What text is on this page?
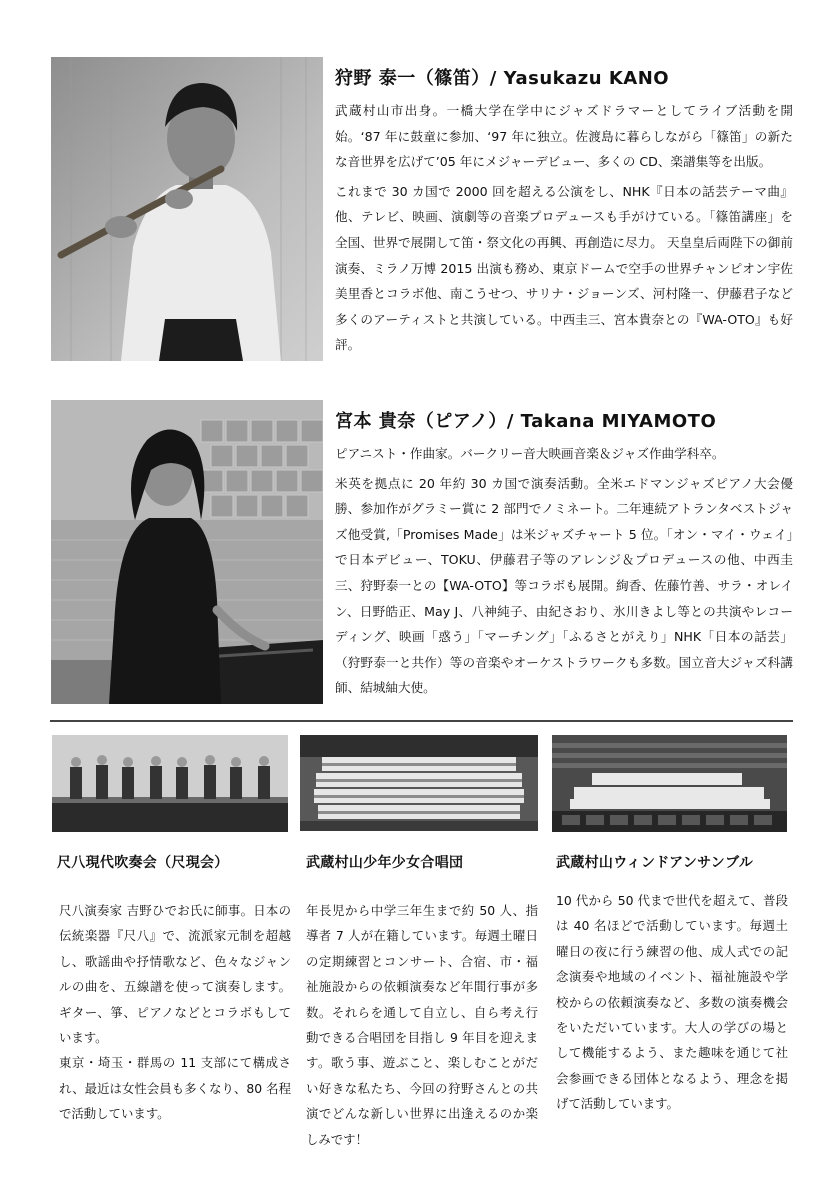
狩野 泰一（篠笛）/ Yasukazu KANO

武蔵村山市出身。一橋大学在学中にジャズドラマーとしてライブ活動を開始。‘87 年に鼓童に参加、‘97 年に独立。佐渡島に暮らしながら「篠笛」の新たな音世界を広げて’05 年にメジャーデビュー、多くの CD、楽譜集等を出版。

これまで 30 カ国で 2000 回を超える公演をし、NHK『日本の話芸テーマ曲』他、テレビ、映画、演劇等の音楽プロデュースも手がけている。「篠笛講座」を全国、世界で展開して笛・祭文化の再興、再創造に尽力。 天皇皇后両陛下の御前演奏、ミラノ万博 2015 出演も務め、東京ドームで空手の世界チャンピオン宇佐美里香とコラボ他、南こうせつ、サリナ・ジョーンズ、河村隆一、伊藤君子など多くのアーティストと共演している。中西圭三、宮本貴奈との『WA-OTO』も好評。

宮本 貴奈（ピアノ）/ Takana MIYAMOTO

ピアニスト・作曲家。バークリー音大映画音楽＆ジャズ作曲学科卒。

米英を拠点に 20 年約 30 カ国で演奏活動。全米エドマンジャズピアノ大会優勝、参加作がグラミー賞に 2 部門でノミネート。二年連続アトランタベストジャズ他受賞,「Promises Made」は米ジャズチャート 5 位。「オン・マイ・ウェイ」で日本デビュー、TOKU、伊藤君子等のアレンジ＆プロデュースの他、中西圭三、狩野泰一との【WA-OTO】等コラボも展開。絢香、佐藤竹善、サラ・オレイン、日野皓正、May J、八神純子、由紀さおり、氷川きよし等との共演やレコーディング、映画「惑う」「マーチング」「ふるさとがえり」NHK「日本の話芸」（狩野泰一と共作）等の音楽やオーケストラワークも多数。国立音大ジャズ科講師、結城紬大使。

尺八現代吹奏会（尺現会）

尺八演奏家 吉野ひでお氏に師事。日本の伝統楽器『尺八』で、流派家元制を超越し、歌謡曲や抒情歌など、色々なジャンルの曲を、五線譜を使って演奏します。ギター、箏、ピアノなどとコラボもしています。

東京・埼玉・群馬の 11 支部にて構成され、最近は女性会員も多くなり、80 名程で活動しています。

武蔵村山少年少女合唱団

年長児から中学三年生まで約 50 人、指導者 7 人が在籍しています。毎週土曜日の定期練習とコンサート、合宿、市・福祉施設からの依頼演奏など年間行事が多数。それらを通して自立し、自ら考え行動できる合唱団を目指し 9 年目を迎えます。歌う事、遊ぶこと、楽しむことがだい好きな私たち、今回の狩野さんとの共演でどんな新しい世界に出逢えるのか楽しみです！

武蔵村山ウィンドアンサンブル

10 代から 50 代まで世代を超えて、普段は 40 名ほどで活動しています。毎週土曜日の夜に行う練習の他、成人式での記念演奏や地域のイベント、福祉施設や学校からの依頼演奏など、多数の演奏機会をいただいています。大人の学びの場として機能するよう、また趣味を通じて社会参画できる団体となるよう、理念を掲げて活動しています。
